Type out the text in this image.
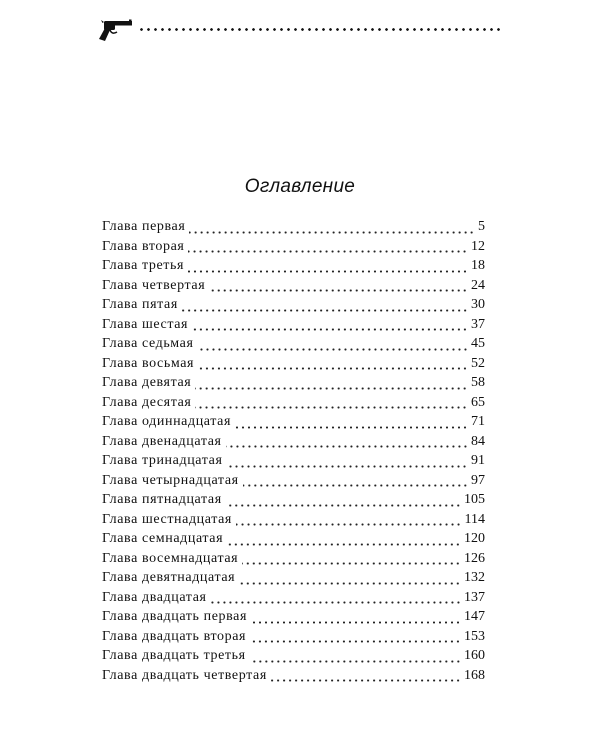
Оглавление
Глава первая	5
Глава вторая	12
Глава третья	18
Глава четвертая	24
Глава пятая	30
Глава шестая	37
Глава седьмая	45
Глава восьмая	52
Глава девятая	58
Глава десятая	65
Глава одиннадцатая	71
Глава двенадцатая	84
Глава тринадцатая	91
Глава четырнадцатая	97
Глава пятнадцатая	105
Глава шестнадцатая	114
Глава семнадцатая	120
Глава восемнадцатая	126
Глава девятнадцатая	132
Глава двадцатая	137
Глава двадцать первая	147
Глава двадцать вторая	153
Глава двадцать третья	160
Глава двадцать четвертая	168
